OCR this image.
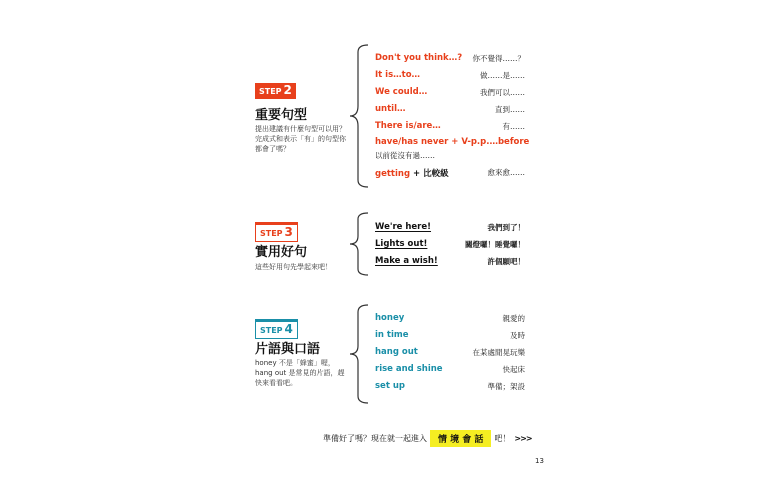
STEP 2
重要句型
提出建議有什麼句型可以用？完成式和表示「有」的句型你都會了嗎？
Don't you think…? 你不覺得……？
It is…to…	做……是……
We could…	我們可以……
until…	直到……
There is/are…	有……
have/has never + V-p.p.…before
以前從沒有過……
getting + 比較級	愈來愈……
STEP 3
實用好句
這些好用句先學起來吧！
We're here!	我們到了！
Lights out!	關燈囉！睡覺囉！
Make a wish!	許個願吧！
STEP 4
片語與口語
honey 不是「蜂蜜」喔，hang out 是常見的片語，趕快來看看吧。
honey	親愛的
in time	及時
hang out	在某處閒晃玩樂
rise and shine	快起床
set up	準備；架設
準備好了嗎？現在就一起進入	情 境 會 話	吧！ >>>
13
